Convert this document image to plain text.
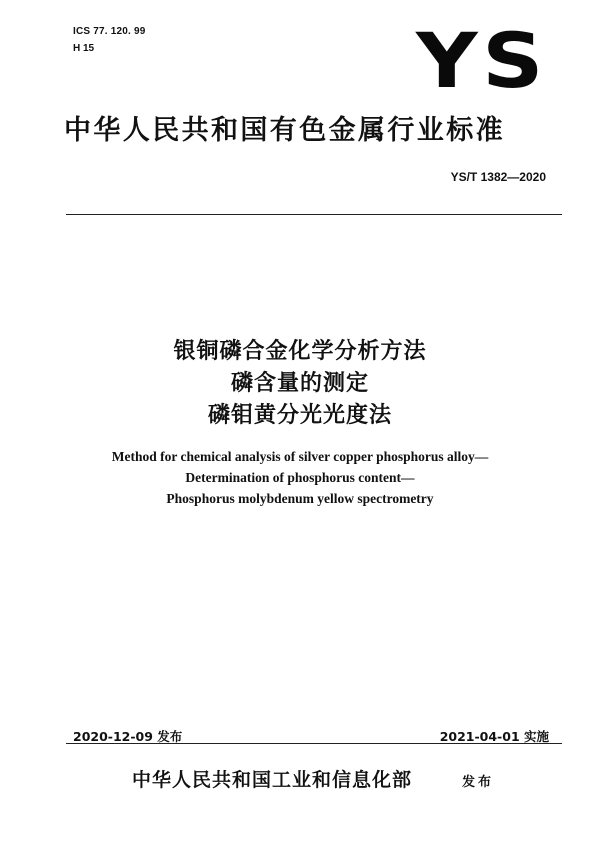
ICS 77. 120. 99
H 15	YS
中华人民共和国有色金属行业标准
YS/T 1382—2020
银铜磷合金化学分析方法
磷含量的测定
磷钼黄分光光度法
Method for chemical analysis of silver copper phosphorus alloy—
Determination of phosphorus content—
Phosphorus molybdenum yellow spectrometry
2020-12-09 发布	2021-04-01 实施
中华人民共和国工业和信息化部	发布
